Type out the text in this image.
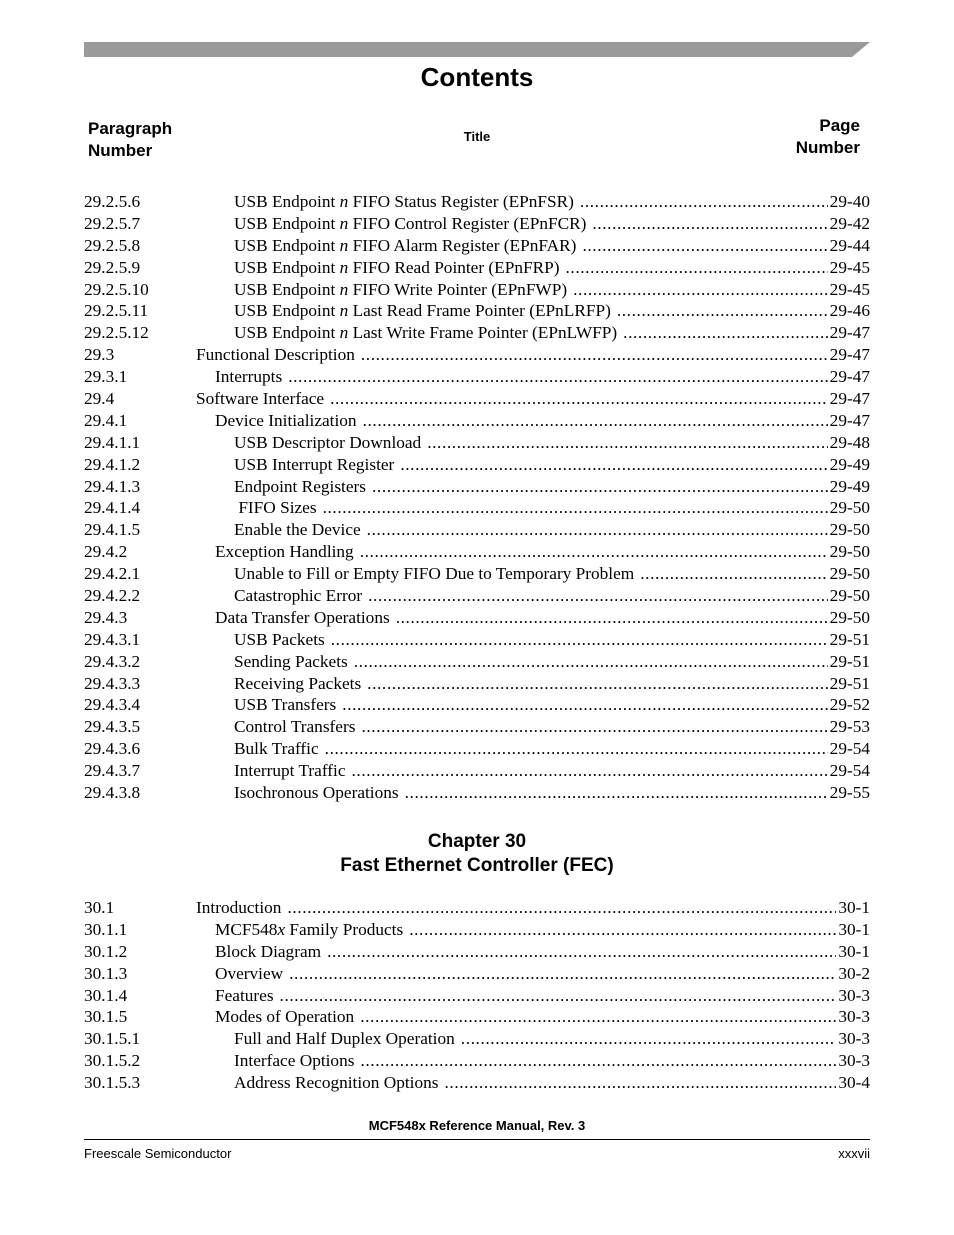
Contents
Paragraph
Number
Title
Page
Number
29.2.5.6	USB Endpoint n FIFO Status Register (EPnFSR) .....	29-40
29.2.5.7	USB Endpoint n FIFO Control Register (EPnFCR) .....	29-42
29.2.5.8	USB Endpoint n FIFO Alarm Register (EPnFAR) .....	29-44
29.2.5.9	USB Endpoint n FIFO Read Pointer (EPnFRP) .....	29-45
29.2.5.10	USB Endpoint n FIFO Write Pointer (EPnFWP) .....	29-45
29.2.5.11	USB Endpoint n Last Read Frame Pointer (EPnLRFP) .....	29-46
29.2.5.12	USB Endpoint n Last Write Frame Pointer (EPnLWFP) .....	29-47
29.3	Functional Description .....	29-47
29.3.1	Interrupts .....	29-47
29.4	Software Interface .....	29-47
29.4.1	Device Initialization .....	29-47
29.4.1.1	USB Descriptor Download .....	29-48
29.4.1.2	USB Interrupt Register .....	29-49
29.4.1.3	Endpoint Registers .....	29-49
29.4.1.4	FIFO Sizes .....	29-50
29.4.1.5	Enable the Device .....	29-50
29.4.2	Exception Handling .....	29-50
29.4.2.1	Unable to Fill or Empty FIFO Due to Temporary Problem .....	29-50
29.4.2.2	Catastrophic Error .....	29-50
29.4.3	Data Transfer Operations .....	29-50
29.4.3.1	USB Packets .....	29-51
29.4.3.2	Sending Packets .....	29-51
29.4.3.3	Receiving Packets .....	29-51
29.4.3.4	USB Transfers .....	29-52
29.4.3.5	Control Transfers .....	29-53
29.4.3.6	Bulk Traffic .....	29-54
29.4.3.7	Interrupt Traffic .....	29-54
29.4.3.8	Isochronous Operations .....	29-55
Chapter 30
Fast Ethernet Controller (FEC)
30.1	Introduction .....	30-1
30.1.1	MCF548x Family Products .....	30-1
30.1.2	Block Diagram .....	30-1
30.1.3	Overview .....	30-2
30.1.4	Features .....	30-3
30.1.5	Modes of Operation .....	30-3
30.1.5.1	Full and Half Duplex Operation .....	30-3
30.1.5.2	Interface Options .....	30-3
30.1.5.3	Address Recognition Options .....	30-4
MCF548x Reference Manual, Rev. 3
Freescale Semiconductor	xxxvii
